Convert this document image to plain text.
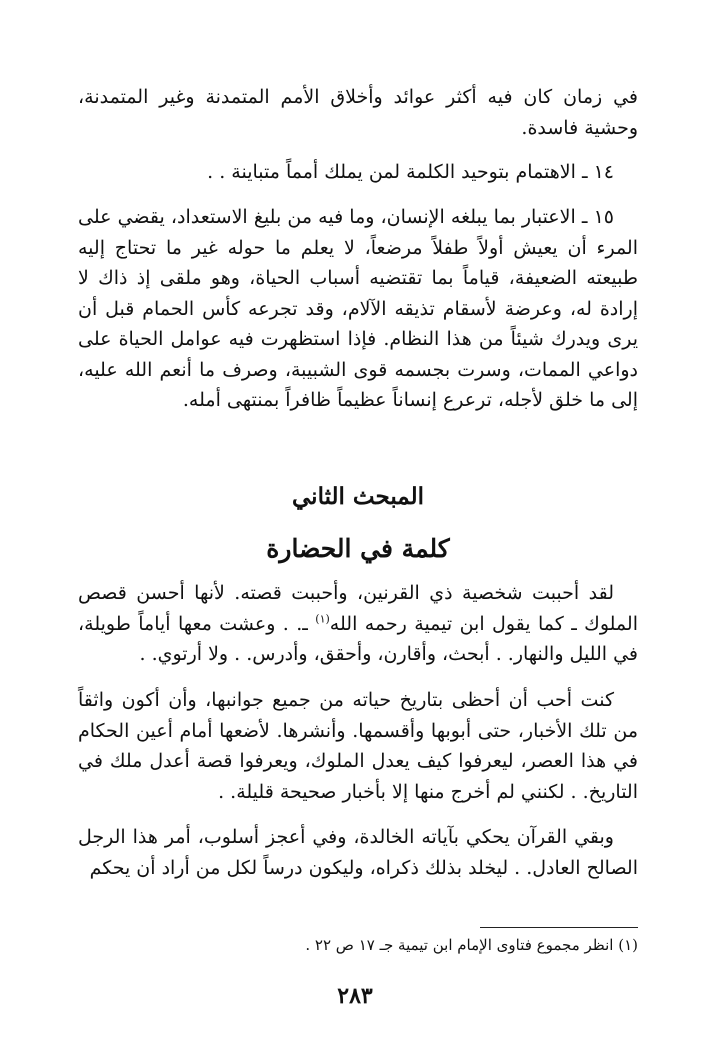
في زمان كان فيه أكثر عوائد وأخلاق الأمم المتمدنة وغير المتمدنة، وحشية فاسدة.

١٤ ـ الاهتمام بتوحيد الكلمة لمن يملك أمماً متباينة . .

١٥ ـ الاعتبار بما يبلغه الإنسان، وما فيه من بليغ الاستعداد، يقضي على المرء أن يعيش أولاً طفلاً مرضعاً، لا يعلم ما حوله غير ما تحتاج إليه طبيعته الضعيفة، قياماً بما تقتضيه أسباب الحياة، وهو ملقى إذ ذاك لا إرادة له، وعرضة لأسقام تذيقه الآلام، وقد تجرعه كأس الحمام قبل أن يرى ويدرك شيئاً من هذا النظام. فإذا استظهرت فيه عوامل الحياة على دواعي الممات، وسرت بجسمه قوى الشبيبة، وصرف ما أنعم الله عليه، إلى ما خلق لأجله، ترعرع إنساناً عظيماً ظافراً بمنتهى أمله.

المبحث الثاني
كلمة في الحضارة

لقد أحببت شخصية ذي القرنين، وأحببت قصته. لأنها أحسن قصص الملوك ـ كما يقول ابن تيمية رحمه الله$^{(١)}$ ـ. . وعشت معها أياماً طويلة، في الليل والنهار. . أبحث، وأقارن، وأحقق، وأدرس. . ولا أرتوي. .

كنت أحب أن أحظى بتاريخ حياته من جميع جوانبها، وأن أكون واثقاً من تلك الأخبار، حتى أبوبها وأقسمها. وأنشرها. لأضعها أمام أعين الحكام في هذا العصر، ليعرفوا كيف يعدل الملوك، ويعرفوا قصة أعدل ملك في التاريخ. . لكنني لم أخرج منها إلا بأخبار صحيحة قليلة. .

وبقي القرآن يحكي بآياته الخالدة، وفي أعجز أسلوب، أمر هذا الرجل الصالح العادل. . ليخلد بذلك ذكراه، وليكون درساً لكل من أراد أن يحكم

(١) انظر مجموع فتاوى الإمام ابن تيمية جـ ١٧ ص ٢٢ .

٢٨٣
